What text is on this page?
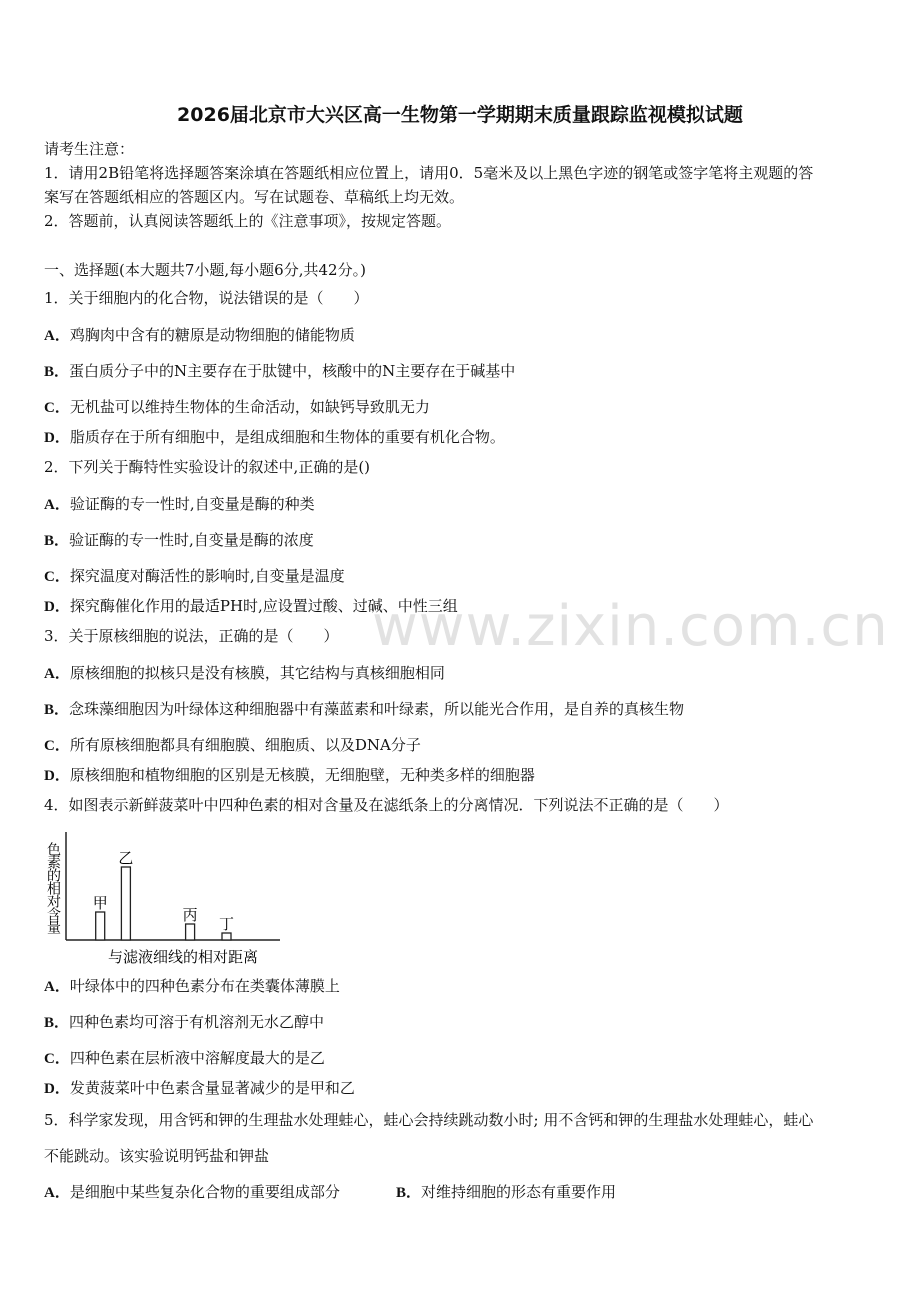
2026届北京市大兴区高一生物第一学期期末质量跟踪监视模拟试题
请考生注意：
1．请用2B铅笔将选择题答案涂填在答题纸相应位置上，请用0．5毫米及以上黑色字迹的钢笔或签字笔将主观题的答
案写在答题纸相应的答题区内。写在试题卷、草稿纸上均无效。
2．答题前，认真阅读答题纸上的《注意事项》，按规定答题。
一、选择题(本大题共7小题,每小题6分,共42分。)
1．关于细胞内的化合物，说法错误的是（　　）
A．鸡胸肉中含有的糖原是动物细胞的储能物质
B．蛋白质分子中的N主要存在于肽键中，核酸中的N主要存在于碱基中
C．无机盐可以维持生物体的生命活动，如缺钙导致肌无力
D．脂质存在于所有细胞中，是组成细胞和生物体的重要有机化合物。
2．下列关于酶特性实验设计的叙述中,正确的是()
A．验证酶的专一性时,自变量是酶的种类
B．验证酶的专一性时,自变量是酶的浓度
C．探究温度对酶活性的影响时,自变量是温度
D．探究酶催化作用的最适PH时,应设置过酸、过碱、中性三组
www.zixin.com.cn
3．关于原核细胞的说法，正确的是（　　）
A．原核细胞的拟核只是没有核膜，其它结构与真核细胞相同
B．念珠藻细胞因为叶绿体这种细胞器中有藻蓝素和叶绿素，所以能光合作用，是自养的真核生物
C．所有原核细胞都具有细胞膜、细胞质、以及DNA分子
D．原核细胞和植物细胞的区别是无核膜，无细胞壁，无种类多样的细胞器
4．如图表示新鲜菠菜叶中四种色素的相对含量及在滤纸条上的分离情况．下列说法不正确的是（　　）
色素的相对含量
与滤液细线的相对距离
甲
乙
丙 丁
A．叶绿体中的四种色素分布在类囊体薄膜上
B．四种色素均可溶于有机溶剂无水乙醇中
C．四种色素在层析液中溶解度最大的是乙
D．发黄菠菜叶中色素含量显著减少的是甲和乙
5．科学家发现，用含钙和钾的生理盐水处理蛙心，蛙心会持续跳动数小时; 用不含钙和钾的生理盐水处理蛙心，蛙心
不能跳动。该实验说明钙盐和钾盐
A．是细胞中某些复杂化合物的重要组成部分	B．对维持细胞的形态有重要作用
